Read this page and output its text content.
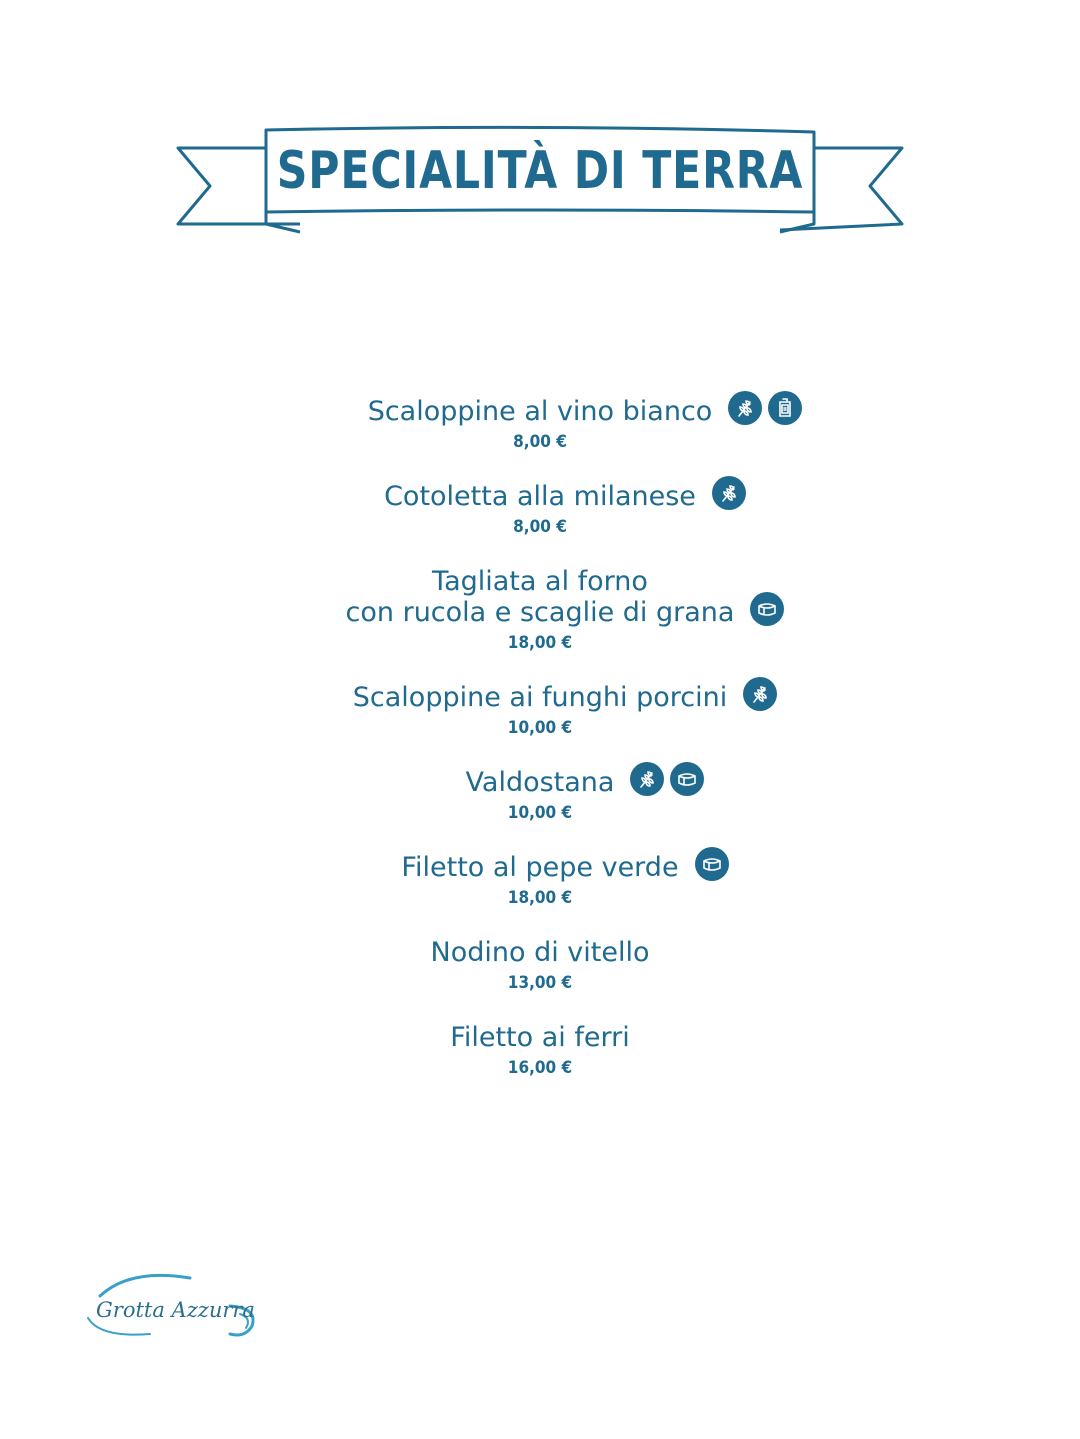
SPECIALITÀ DI TERRA
Scaloppine al vino bianco
8,00 €
Cotoletta alla milanese
8,00 €
Tagliata al forno
con rucola e scaglie di grana
18,00 €
Scaloppine ai funghi porcini
10,00 €
Valdostana
10,00 €
Filetto al pepe verde
18,00 €
Nodino di vitello
13,00 €
Filetto ai ferri
16,00 €
Grotta Azzurra
